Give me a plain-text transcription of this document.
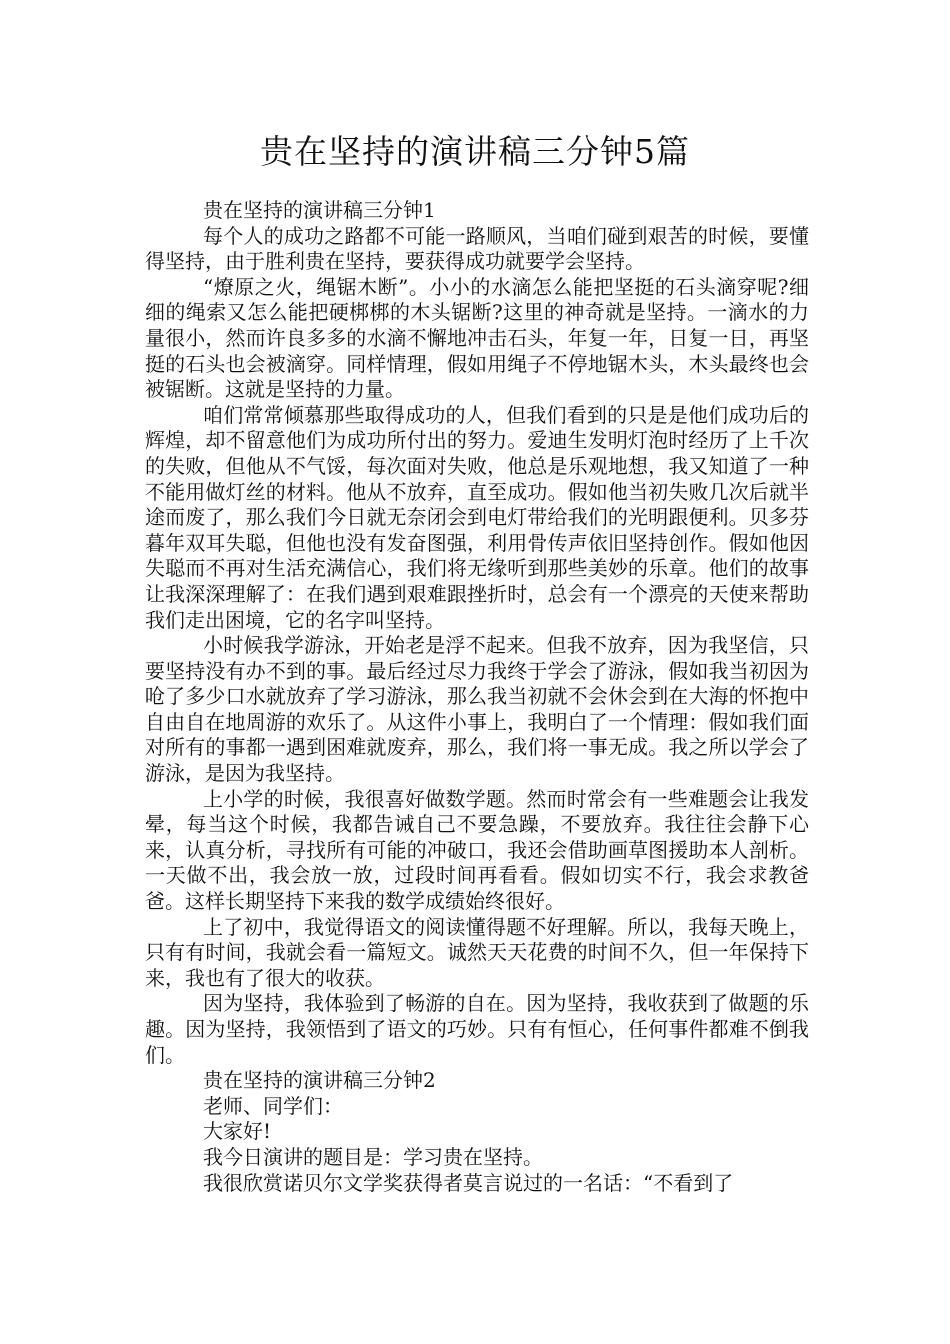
贵在坚持的演讲稿三分钟5篇

贵在坚持的演讲稿三分钟1

每个人的成功之路都不可能一路顺风，当咱们碰到艰苦的时候，要懂得坚持，由于胜利贵在坚持，要获得成功就要学会坚持。

“燎原之火，绳锯木断”。小小的水滴怎么能把坚挺的石头滴穿呢?细细的绳索又怎么能把硬梆梆的木头锯断?这里的神奇就是坚持。一滴水的力量很小，然而许良多多的水滴不懈地冲击石头，年复一年，日复一日，再坚挺的石头也会被滴穿。同样情理，假如用绳子不停地锯木头，木头最终也会被锯断。这就是坚持的力量。

咱们常常倾慕那些取得成功的人，但我们看到的只是是他们成功后的辉煌，却不留意他们为成功所付出的努力。爱迪生发明灯泡时经历了上千次的失败，但他从不气馁，每次面对失败，他总是乐观地想，我又知道了一种不能用做灯丝的材料。他从不放弃，直至成功。假如他当初失败几次后就半途而废了，那么我们今日就无奈闭会到电灯带给我们的光明跟便利。贝多芬暮年双耳失聪，但他也没有发奋图强，利用骨传声依旧坚持创作。假如他因失聪而不再对生活充满信心，我们将无缘听到那些美妙的乐章。他们的故事让我深深理解了：在我们遇到艰难跟挫折时，总会有一个漂亮的天使来帮助我们走出困境，它的名字叫坚持。

小时候我学游泳，开始老是浮不起来。但我不放弃，因为我坚信，只要坚持没有办不到的事。最后经过尽力我终于学会了游泳，假如我当初因为呛了多少口水就放弃了学习游泳，那么我当初就不会休会到在大海的怀抱中自由自在地周游的欢乐了。从这件小事上，我明白了一个情理：假如我们面对所有的事都一遇到困难就废弃，那么，我们将一事无成。我之所以学会了游泳，是因为我坚持。

上小学的时候，我很喜好做数学题。然而时常会有一些难题会让我发晕，每当这个时候，我都告诫自己不要急躁，不要放弃。我往往会静下心来，认真分析，寻找所有可能的冲破口，我还会借助画草图援助本人剖析。一天做不出，我会放一放，过段时间再看看。假如切实不行，我会求教爸爸。这样长期坚持下来我的数学成绩始终很好。

上了初中，我觉得语文的阅读懂得题不好理解。所以，我每天晚上，只有有时间，我就会看一篇短文。诚然天天花费的时间不久，但一年保持下来，我也有了很大的收获。

因为坚持，我体验到了畅游的自在。因为坚持，我收获到了做题的乐趣。因为坚持，我领悟到了语文的巧妙。只有有恒心，任何事件都难不倒我们。

贵在坚持的演讲稿三分钟2

老师、同学们：

大家好!

我今日演讲的题目是：学习贵在坚持。

我很欣赏诺贝尔文学奖获得者莫言说过的一名话：“不看到了
